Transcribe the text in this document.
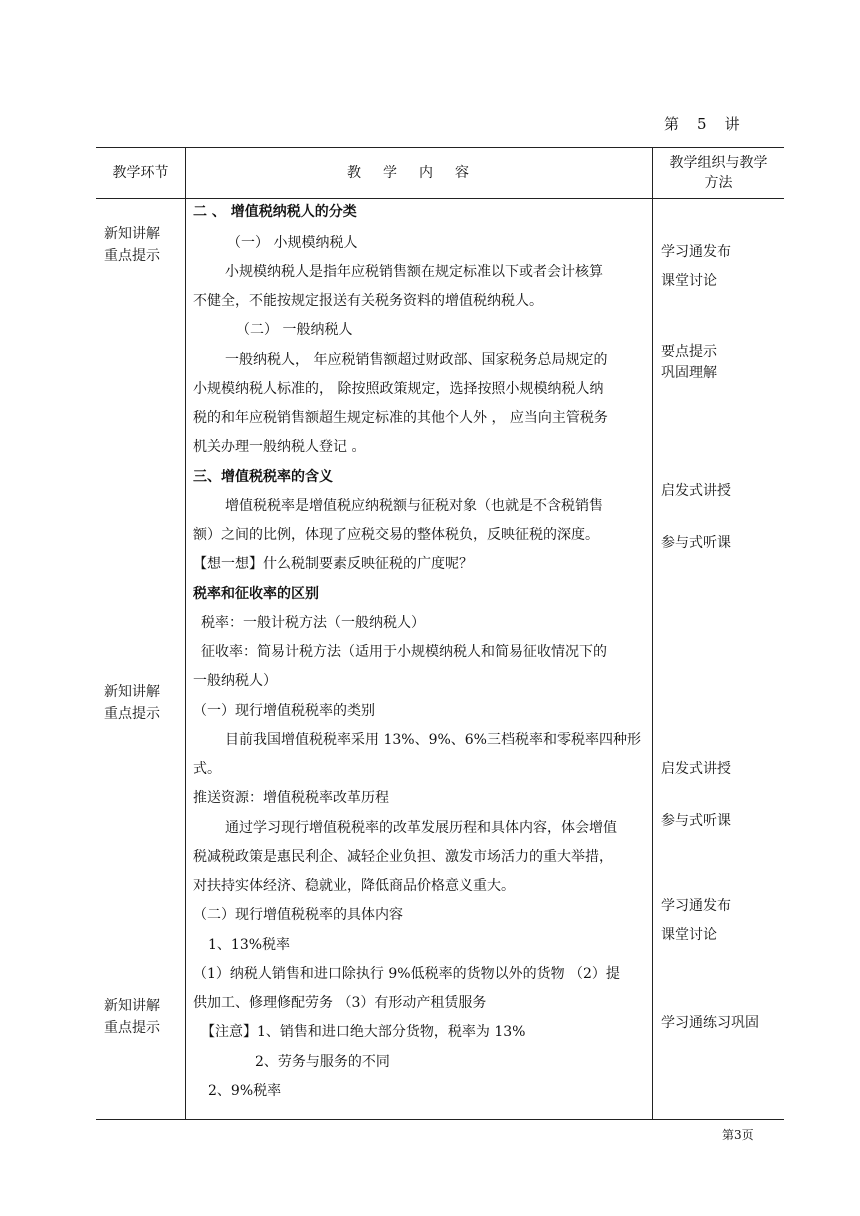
第 5 讲
教学环节	教学内容
教学组织与教学
方法
新知讲解
重点提示
新知讲解
重点提示
新知讲解
重点提示
学习通发布
课堂讨论
要点提示
巩固理解
启发式讲授
参与式听课
启发式讲授
参与式听课
学习通发布
课堂讨论
学习通练习巩固
二 、 增值税纳税人的分类
（一） 小规模纳税人
小规模纳税人是指年应税销售额在规定标准以下或者会计核算
不健全，不能按规定报送有关税务资料的增值税纳税人。
（二） 一般纳税人
一般纳税人， 年应税销售额超过财政部、国家税务总局规定的
小规模纳税人标准的， 除按照政策规定，选择按照小规模纳税人纳
税的和年应税销售额超生规定标准的其他个人外 ， 应当向主管税务
机关办理一般纳税人登记 。
三、增值税税率的含义
增值税税率是增值税应纳税额与征税对象（也就是不含税销售
额）之间的比例，体现了应税交易的整体税负，反映征税的深度。
【想一想】什么税制要素反映征税的广度呢？
税率和征收率的区别
税率：一般计税方法（一般纳税人）
征收率：简易计税方法（适用于小规模纳税人和简易征收情况下的
一般纳税人）
（一）现行增值税税率的类别
目前我国增值税税率采用 13%、9%、6%三档税率和零税率四种形
式。
推送资源：增值税税率改革历程
通过学习现行增值税税率的改革发展历程和具体内容，体会增值
税减税政策是惠民利企、减轻企业负担、激发市场活力的重大举措，
对扶持实体经济、稳就业，降低商品价格意义重大。
（二）现行增值税税率的具体内容
1、13%税率
（1）纳税人销售和进口除执行 9%低税率的货物以外的货物 （2）提
供加工、修理修配劳务 （3）有形动产租赁服务
【注意】1、销售和进口绝大部分货物，税率为 13%
2、劳务与服务的不同
2、9%税率
第3页
